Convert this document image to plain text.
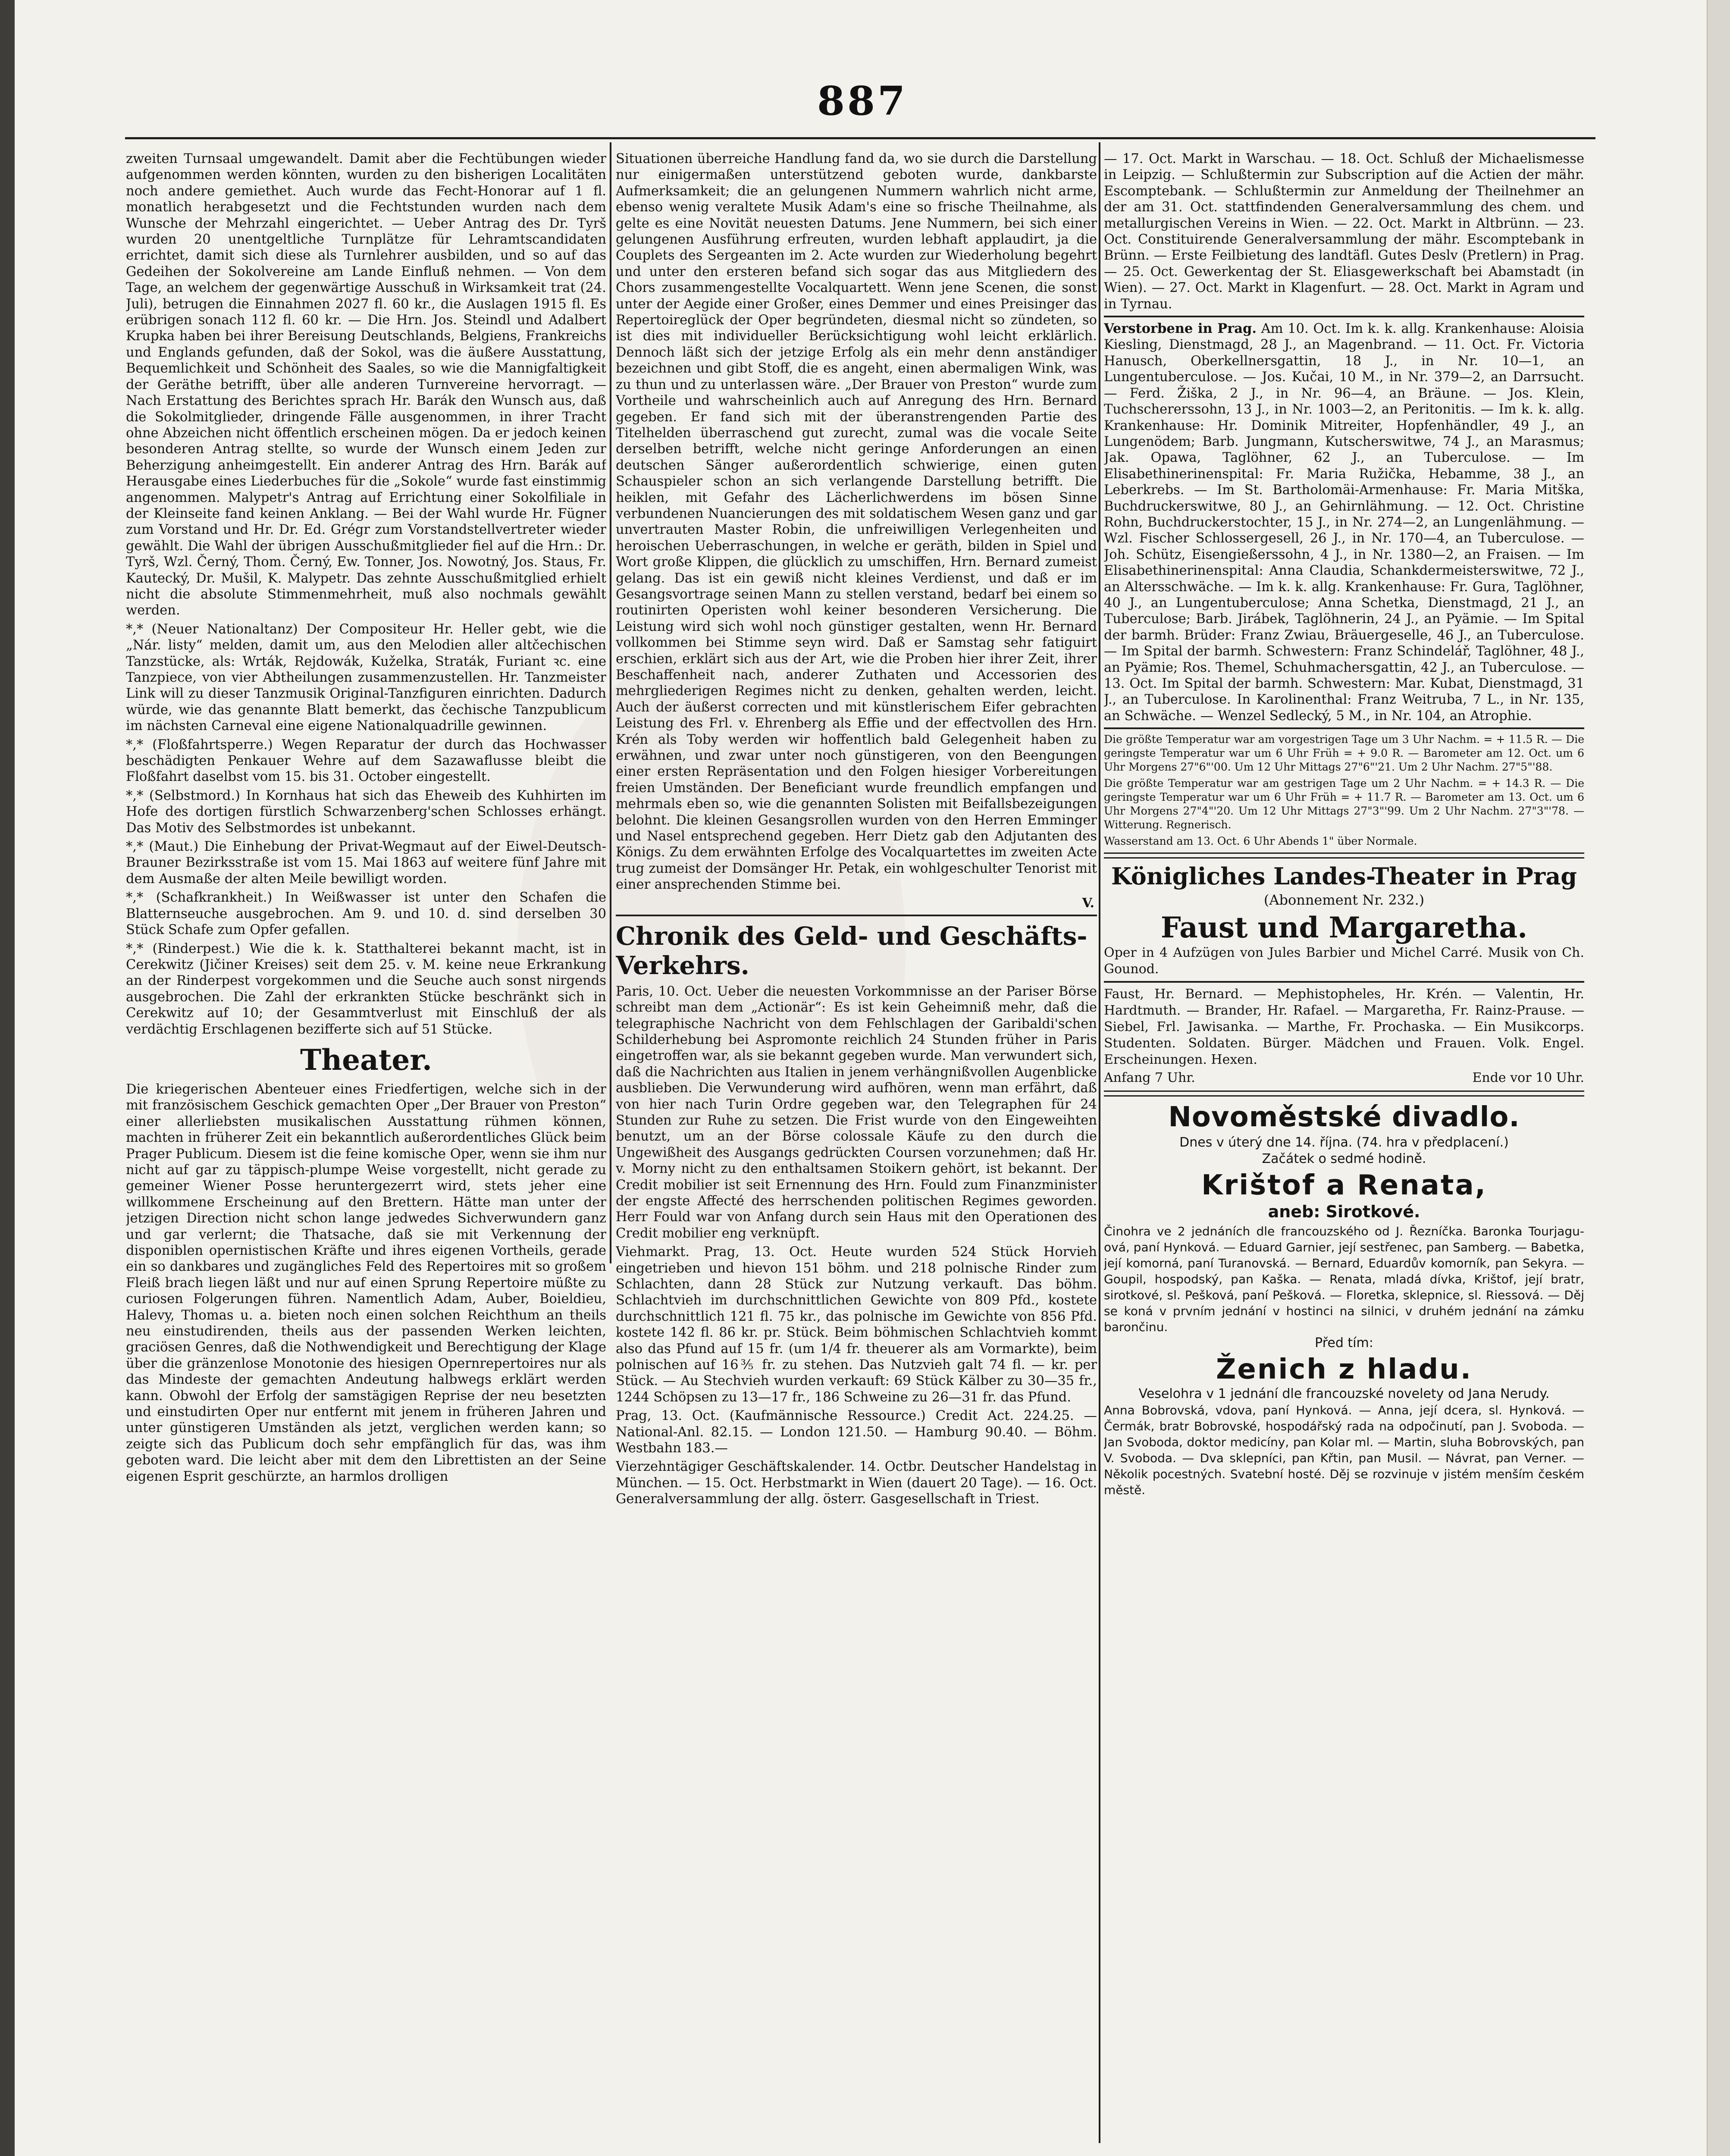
887

zweiten Turnsaal umgewandelt. Damit aber die Fechtübungen wieder aufgenommen werden könnten, wurden zu den bisherigen Localitäten noch andere gemiethet. Auch wurde das Fecht-Honorar auf 1 fl. monatlich herabgesetzt und die Fechtstunden wurden nach dem Wunsche der Mehrzahl eingerichtet. — Ueber Antrag des Dr. Tyrš wurden 20 unentgeltliche Turnplätze für Lehramtscandidaten errichtet, damit sich diese als Turnlehrer ausbilden, und so auf das Gedeihen der Sokolvereine am Lande Einfluß nehmen. — Von dem Tage, an welchem der gegenwärtige Ausschuß in Wirksamkeit trat (24. Juli), betrugen die Einnahmen 2027 fl. 60 kr., die Auslagen 1915 fl. Es erübrigen sonach 112 fl. 60 kr. — Die Hrn. Jos. Steindl und Adalbert Krupka haben bei ihrer Bereisung Deutschlands, Belgiens, Frankreichs und Englands gefunden, daß der Sokol, was die äußere Ausstattung, Bequemlichkeit und Schönheit des Saales, so wie die Mannigfaltigkeit der Geräthe betrifft, über alle anderen Turnvereine hervorragt. — Nach Erstattung des Berichtes sprach Hr. Barák den Wunsch aus, daß die Sokolmitglieder, dringende Fälle ausgenommen, in ihrer Tracht ohne Abzeichen nicht öffentlich erscheinen mögen. Da er jedoch keinen besonderen Antrag stellte, so wurde der Wunsch einem Jeden zur Beherzigung anheimgestellt. Ein anderer Antrag des Hrn. Barák auf Herausgabe eines Liederbuches für die „Sokole“ wurde fast einstimmig angenommen. Malypetr's Antrag auf Errichtung einer Sokolfiliale in der Kleinseite fand keinen Anklang. — Bei der Wahl wurde Hr. Fügner zum Vorstand und Hr. Dr. Ed. Grégr zum Vorstandstellvertreter wieder gewählt. Die Wahl der übrigen Ausschußmitglieder fiel auf die Hrn.: Dr. Tyrš, Wzl. Černý, Thom. Černý, Ew. Tonner, Jos. Nowotný, Jos. Staus, Fr. Kautecký, Dr. Mušil, K. Malypetr. Das zehnte Ausschußmitglied erhielt nicht die absolute Stimmenmehrheit, muß also nochmals gewählt werden.

*,* (Neuer Nationaltanz) Der Compositeur Hr. Heller gebt, wie die „Nár. listy“ melden, damit um, aus den Melodien aller altčechischen Tanzstücke, als: Wrták, Rejdowák, Kuželka, Straták, Furiant ꝛc. eine Tanzpiece, von vier Abtheilungen zusammenzustellen. Hr. Tanzmeister Link will zu dieser Tanzmusik Original-Tanzfiguren einrichten. Dadurch würde, wie das genannte Blatt bemerkt, das čechische Tanzpublicum im nächsten Carneval eine eigene Nationalquadrille gewinnen.

*,* (Floßfahrtsperre.) Wegen Reparatur der durch das Hochwasser beschädigten Penkauer Wehre auf dem Sazawaflusse bleibt die Floßfahrt daselbst vom 15. bis 31. October eingestellt.

*,* (Selbstmord.) In Kornhaus hat sich das Eheweib des Kuhhirten im Hofe des dortigen fürstlich Schwarzenberg'schen Schlosses erhängt. Das Motiv des Selbstmordes ist unbekannt.

*,* (Maut.) Die Einhebung der Privat-Wegmaut auf der Eiwel-Deutsch-Brauner Bezirksstraße ist vom 15. Mai 1863 auf weitere fünf Jahre mit dem Ausmaße der alten Meile bewilligt worden.

*,* (Schafkrankheit.) In Weißwasser ist unter den Schafen die Blatternseuche ausgebrochen. Am 9. und 10. d. sind derselben 30 Stück Schafe zum Opfer gefallen.

*,* (Rinderpest.) Wie die k. k. Statthalterei bekannt macht, ist in Cerekwitz (Jičiner Kreises) seit dem 25. v. M. keine neue Erkrankung an der Rinderpest vorgekommen und die Seuche auch sonst nirgends ausgebrochen. Die Zahl der erkrankten Stücke beschränkt sich in Cerekwitz auf 10; der Gesammtverlust mit Einschluß der als verdächtig Erschlagenen bezifferte sich auf 51 Stücke.

Theater.

Die kriegerischen Abenteuer eines Friedfertigen, welche sich in der mit französischem Geschick gemachten Oper „Der Brauer von Preston“ einer allerliebsten musikalischen Ausstattung rühmen können, machten in früherer Zeit ein bekanntlich außerordentliches Glück beim Prager Publicum. Diesem ist die feine komische Oper, wenn sie ihm nur nicht auf gar zu täppisch-plumpe Weise vorgestellt, nicht gerade zu gemeiner Wiener Posse heruntergezerrt wird, stets jeher eine willkommene Erscheinung auf den Brettern. Hätte man unter der jetzigen Direction nicht schon lange jedwedes Sichverwundern ganz und gar verlernt; die Thatsache, daß sie mit Verkennung der disponiblen opernistischen Kräfte und ihres eigenen Vortheils, gerade ein so dankbares und zugängliches Feld des Repertoires mit so großem Fleiß brach liegen läßt und nur auf einen Sprung Repertoire müßte zu curiosen Folgerungen führen. Namentlich Adam, Auber, Boieldieu, Halevy, Thomas u. a. bieten noch einen solchen Reichthum an theils neu einstudirenden, theils aus der passenden Werken leichten, graciösen Genres, daß die Nothwendigkeit und Berechtigung der Klage über die gränzenlose Monotonie des hiesigen Opernrepertoires nur als das Mindeste der gemachten Andeutung halbwegs erklärt werden kann. Obwohl der Erfolg der samstägigen Reprise der neu besetzten und einstudirten Oper nur entfernt mit jenem in früheren Jahren und unter günstigeren Umständen als jetzt, verglichen werden kann; so zeigte sich das Publicum doch sehr empfänglich für das, was ihm geboten ward. Die leicht aber mit dem den Librettisten an der Seine eigenen Esprit geschürzte, an harmlos drolligen

Situationen überreiche Handlung fand da, wo sie durch die Darstellung nur einigermaßen unterstützend geboten wurde, dankbarste Aufmerksamkeit; die an gelungenen Nummern wahrlich nicht arme, ebenso wenig veraltete Musik Adam's eine so frische Theilnahme, als gelte es eine Novität neuesten Datums. Jene Nummern, bei sich einer gelungenen Ausführung erfreuten, wurden lebhaft applaudirt, ja die Couplets des Sergeanten im 2. Acte wurden zur Wiederholung begehrt und unter den ersteren befand sich sogar das aus Mitgliedern des Chors zusammengestellte Vocalquartett. Wenn jene Scenen, die sonst unter der Aegide einer Großer, eines Demmer und eines Preisinger das Repertoireglück der Oper begründeten, diesmal nicht so zündeten, so ist dies mit individueller Berücksichtigung wohl leicht erklärlich. Dennoch läßt sich der jetzige Erfolg als ein mehr denn anständiger bezeichnen und gibt Stoff, die es angeht, einen abermaligen Wink, was zu thun und zu unterlassen wäre. „Der Brauer von Preston“ wurde zum Vortheile und wahrscheinlich auch auf Anregung des Hrn. Bernard gegeben. Er fand sich mit der überanstrengenden Partie des Titelhelden überraschend gut zurecht, zumal was die vocale Seite derselben betrifft, welche nicht geringe Anforderungen an einen deutschen Sänger außerordentlich schwierige, einen guten Schauspieler schon an sich verlangende Darstellung betrifft. Die heiklen, mit Gefahr des Lächerlichwerdens im bösen Sinne verbundenen Nuancierungen des mit soldatischem Wesen ganz und gar unvertrauten Master Robin, die unfreiwilligen Verlegenheiten und heroischen Ueberraschungen, in welche er geräth, bilden in Spiel und Wort große Klippen, die glücklich zu umschiffen, Hrn. Bernard zumeist gelang. Das ist ein gewiß nicht kleines Verdienst, und daß er im Gesangsvortrage seinen Mann zu stellen verstand, bedarf bei einem so routinirten Operisten wohl keiner besonderen Versicherung. Die Leistung wird sich wohl noch günstiger gestalten, wenn Hr. Bernard vollkommen bei Stimme seyn wird. Daß er Samstag sehr fatiguirt erschien, erklärt sich aus der Art, wie die Proben hier ihrer Zeit, ihrer Beschaffenheit nach, anderer Zuthaten und Accessorien des mehrgliederigen Regimes nicht zu denken, gehalten werden, leicht. Auch der äußerst correcten und mit künstlerischem Eifer gebrachten Leistung des Frl. v. Ehrenberg als Effie und der effectvollen des Hrn. Krén als Toby werden wir hoffentlich bald Gelegenheit haben zu erwähnen, und zwar unter noch günstigeren, von den Beengungen einer ersten Repräsentation und den Folgen hiesiger Vorbereitungen freien Umständen. Der Beneficiant wurde freundlich empfangen und mehrmals eben so, wie die genannten Solisten mit Beifallsbezeigungen belohnt. Die kleinen Gesangsrollen wurden von den Herren Emminger und Nasel entsprechend gegeben. Herr Dietz gab den Adjutanten des Königs. Zu dem erwähnten Erfolge des Vocalquartettes im zweiten Acte trug zumeist der Domsänger Hr. Petak, ein wohlgeschulter Tenorist mit einer ansprechenden Stimme bei.

V.
Chronik des Geld- und Geschäfts-Verkehrs.

Paris, 10. Oct. Ueber die neuesten Vorkommnisse an der Pariser Börse schreibt man dem „Actionär“: Es ist kein Geheimniß mehr, daß die telegraphische Nachricht von dem Fehlschlagen der Garibaldi'schen Schilderhebung bei Aspromonte reichlich 24 Stunden früher in Paris eingetroffen war, als sie bekannt gegeben wurde. Man verwundert sich, daß die Nachrichten aus Italien in jenem verhängnißvollen Augenblicke ausblieben. Die Verwunderung wird aufhören, wenn man erfährt, daß von hier nach Turin Ordre gegeben war, den Telegraphen für 24 Stunden zur Ruhe zu setzen. Die Frist wurde von den Eingeweihten benutzt, um an der Börse colossale Käufe zu den durch die Ungewißheit des Ausgangs gedrückten Coursen vorzunehmen; daß Hr. v. Morny nicht zu den enthaltsamen Stoikern gehört, ist bekannt. Der Credit mobilier ist seit Ernennung des Hrn. Fould zum Finanzminister der engste Affecté des herrschenden politischen Regimes geworden. Herr Fould war von Anfang durch sein Haus mit den Operationen des Credit mobilier eng verknüpft.

Viehmarkt. Prag, 13. Oct. Heute wurden 524 Stück Horvieh eingetrieben und hievon 151 böhm. und 218 polnische Rinder zum Schlachten, dann 28 Stück zur Nutzung verkauft. Das böhm. Schlachtvieh im durchschnittlichen Gewichte von 809 Pfd., kostete durchschnittlich 121 fl. 75 kr., das polnische im Gewichte von 856 Pfd. kostete 142 fl. 86 kr. pr. Stück. Beim böhmischen Schlachtvieh kommt also das Pfund auf 15 fr. (um 1/4 fr. theuerer als am Vormarkte), beim polnischen auf 16⅗ fr. zu stehen. Das Nutzvieh galt 74 fl. — kr. per Stück. — Au Stechvieh wurden verkauft: 69 Stück Kälber zu 30—35 fr., 1244 Schöpsen zu 13—17 fr., 186 Schweine zu 26—31 fr. das Pfund.

Prag, 13. Oct. (Kaufmännische Ressource.) Credit Act. 224.25. — National-Anl. 82.15. — London 121.50. — Hamburg 90.40. — Böhm. Westbahn 183.—

Vierzehntägiger Geschäftskalender. 14. Octbr. Deutscher Handelstag in München. — 15. Oct. Herbstmarkt in Wien (dauert 20 Tage). — 16. Oct. Generalversammlung der allg. österr. Gasgesellschaft in Triest.

— 17. Oct. Markt in Warschau. — 18. Oct. Schluß der Michaelismesse in Leipzig. — Schlußtermin zur Subscription auf die Actien der mähr. Escomptebank. — Schlußtermin zur Anmeldung der Theilnehmer an der am 31. Oct. stattfindenden Generalversammlung des chem. und metallurgischen Vereins in Wien. — 22. Oct. Markt in Altbrünn. — 23. Oct. Constituirende Generalversammlung der mähr. Escomptebank in Brünn. — Erste Feilbietung des landtäfl. Gutes Deslv (Pretlern) in Prag. — 25. Oct. Gewerkentag der St. Eliasgewerkschaft bei Abamstadt (in Wien). — 27. Oct. Markt in Klagenfurt. — 28. Oct. Markt in Agram und in Tyrnau.

Verstorbene in Prag. Am 10. Oct. Im k. k. allg. Krankenhause: Aloisia Kiesling, Dienstmagd, 28 J., an Magenbrand. — 11. Oct. Fr. Victoria Hanusch, Oberkellnersgattin, 18 J., in Nr. 10—1, an Lungentuberculose. — Jos. Kučai, 10 M., in Nr. 379—2, an Darrsucht. — Ferd. Žiška, 2 J., in Nr. 96—4, an Bräune. — Jos. Klein, Tuchschererssohn, 13 J., in Nr. 1003—2, an Peritonitis. — Im k. k. allg. Krankenhause: Hr. Dominik Mitreiter, Hopfenhändler, 49 J., an Lungenödem; Barb. Jungmann, Kutscherswitwe, 74 J., an Marasmus; Jak. Opawa, Taglöhner, 62 J., an Tuberculose. — Im Elisabethinerinenspital: Fr. Maria Ružička, Hebamme, 38 J., an Leberkrebs. — Im St. Bartholomäi-Armenhause: Fr. Maria Mitška, Buchdruckerswitwe, 80 J., an Gehirnlähmung. — 12. Oct. Christine Rohn, Buchdruckerstochter, 15 J., in Nr. 274—2, an Lungenlähmung. — Wzl. Fischer Schlossergesell, 26 J., in Nr. 170—4, an Tuberculose. — Joh. Schütz, Eisengießerssohn, 4 J., in Nr. 1380—2, an Fraisen. — Im Elisabethinerinenspital: Anna Claudia, Schankdermeisterswitwe, 72 J., an Altersschwäche. — Im k. k. allg. Krankenhause: Fr. Gura, Taglöhner, 40 J., an Lungentuberculose; Anna Schetka, Dienstmagd, 21 J., an Tuberculose; Barb. Jirábek, Taglöhnerin, 24 J., an Pyämie. — Im Spital der barmh. Brüder: Franz Zwiau, Bräuergeselle, 46 J., an Tuberculose. — Im Spital der barmh. Schwestern: Franz Schindelář, Taglöhner, 48 J., an Pyämie; Ros. Themel, Schuhmachersgattin, 42 J., an Tuberculose. — 13. Oct. Im Spital der barmh. Schwestern: Mar. Kubat, Dienstmagd, 31 J., an Tuberculose. In Karolinenthal: Franz Weitruba, 7 L., in Nr. 135, an Schwäche. — Wenzel Sedlecký, 5 M., in Nr. 104, an Atrophie.

Die größte Temperatur war am vorgestrigen Tage um 3 Uhr Nachm. = + 11.5 R. — Die geringste Temperatur war um 6 Uhr Früh = + 9.0 R. — Barometer am 12. Oct. um 6 Uhr Morgens 27"6"'00. Um 12 Uhr Mittags 27"6"'21. Um 2 Uhr Nachm. 27"5"'88.

Die größte Temperatur war am gestrigen Tage um 2 Uhr Nachm. = + 14.3 R. — Die geringste Temperatur war um 6 Uhr Früh = + 11.7 R. — Barometer am 13. Oct. um 6 Uhr Morgens 27"4"'20. Um 12 Uhr Mittags 27"3"'99. Um 2 Uhr Nachm. 27"3"'78. — Witterung. Regnerisch.

Wasserstand am 13. Oct. 6 Uhr Abends 1" über Normale.

Königliches Landes-Theater in Prag
(Abonnement Nr. 232.)
Faust und Margaretha.

Oper in 4 Aufzügen von Jules Barbier und Michel Carré. Musik von Ch. Gounod.

Faust, Hr. Bernard. — Mephistopheles, Hr. Krén. — Valentin, Hr. Hardtmuth. — Brander, Hr. Rafael. — Margaretha, Fr. Rainz-Prause. — Siebel, Frl. Jawisanka. — Marthe, Fr. Prochaska. — Ein Musikcorps. Studenten. Soldaten. Bürger. Mädchen und Frauen. Volk. Engel. Erscheinungen. Hexen.

Anfang 7 Uhr.	Ende vor 10 Uhr.
Novoměstské divadlo.
Dnes v úterý dne 14. října. (74. hra v předplacení.)
Začátek o sedmé hodině.
Krištof a Renata,
aneb: Sirotkové.

Činohra ve 2 jednáních dle francouzského od J. Řezníčka. Baronka Tourjagu-ová, paní Hynková. — Eduard Garnier, její sestřenec, pan Samberg. — Babetka, její komorná, paní Turanovská. — Bernard, Eduardův komorník, pan Sekyra. — Goupil, hospodský, pan Kaška. — Renata, mladá dívka, Krištof, její bratr, sirotkové, sl. Pešková, paní Pešková. — Floretka, sklepnice, sl. Riessová. — Děj se koná v prvním jednání v hostinci na silnici, v druhém jednání na zámku barončinu.

Před tím:
Ženich z hladu.
Veselohra v 1 jednání dle francouzské novelety od Jana Nerudy.

Anna Bobrovská, vdova, paní Hynková. — Anna, její dcera, sl. Hynková. — Čermák, bratr Bobrovské, hospodářský rada na odpočinutí, pan J. Svoboda. — Jan Svoboda, doktor medicíny, pan Kolar ml. — Martin, sluha Bobrovských, pan V. Svoboda. — Dva sklepníci, pan Křtin, pan Musil. — Návrat, pan Verner. — Několik pocestných. Svatební hosté. Děj se rozvinuje v jistém menším českém městě.
